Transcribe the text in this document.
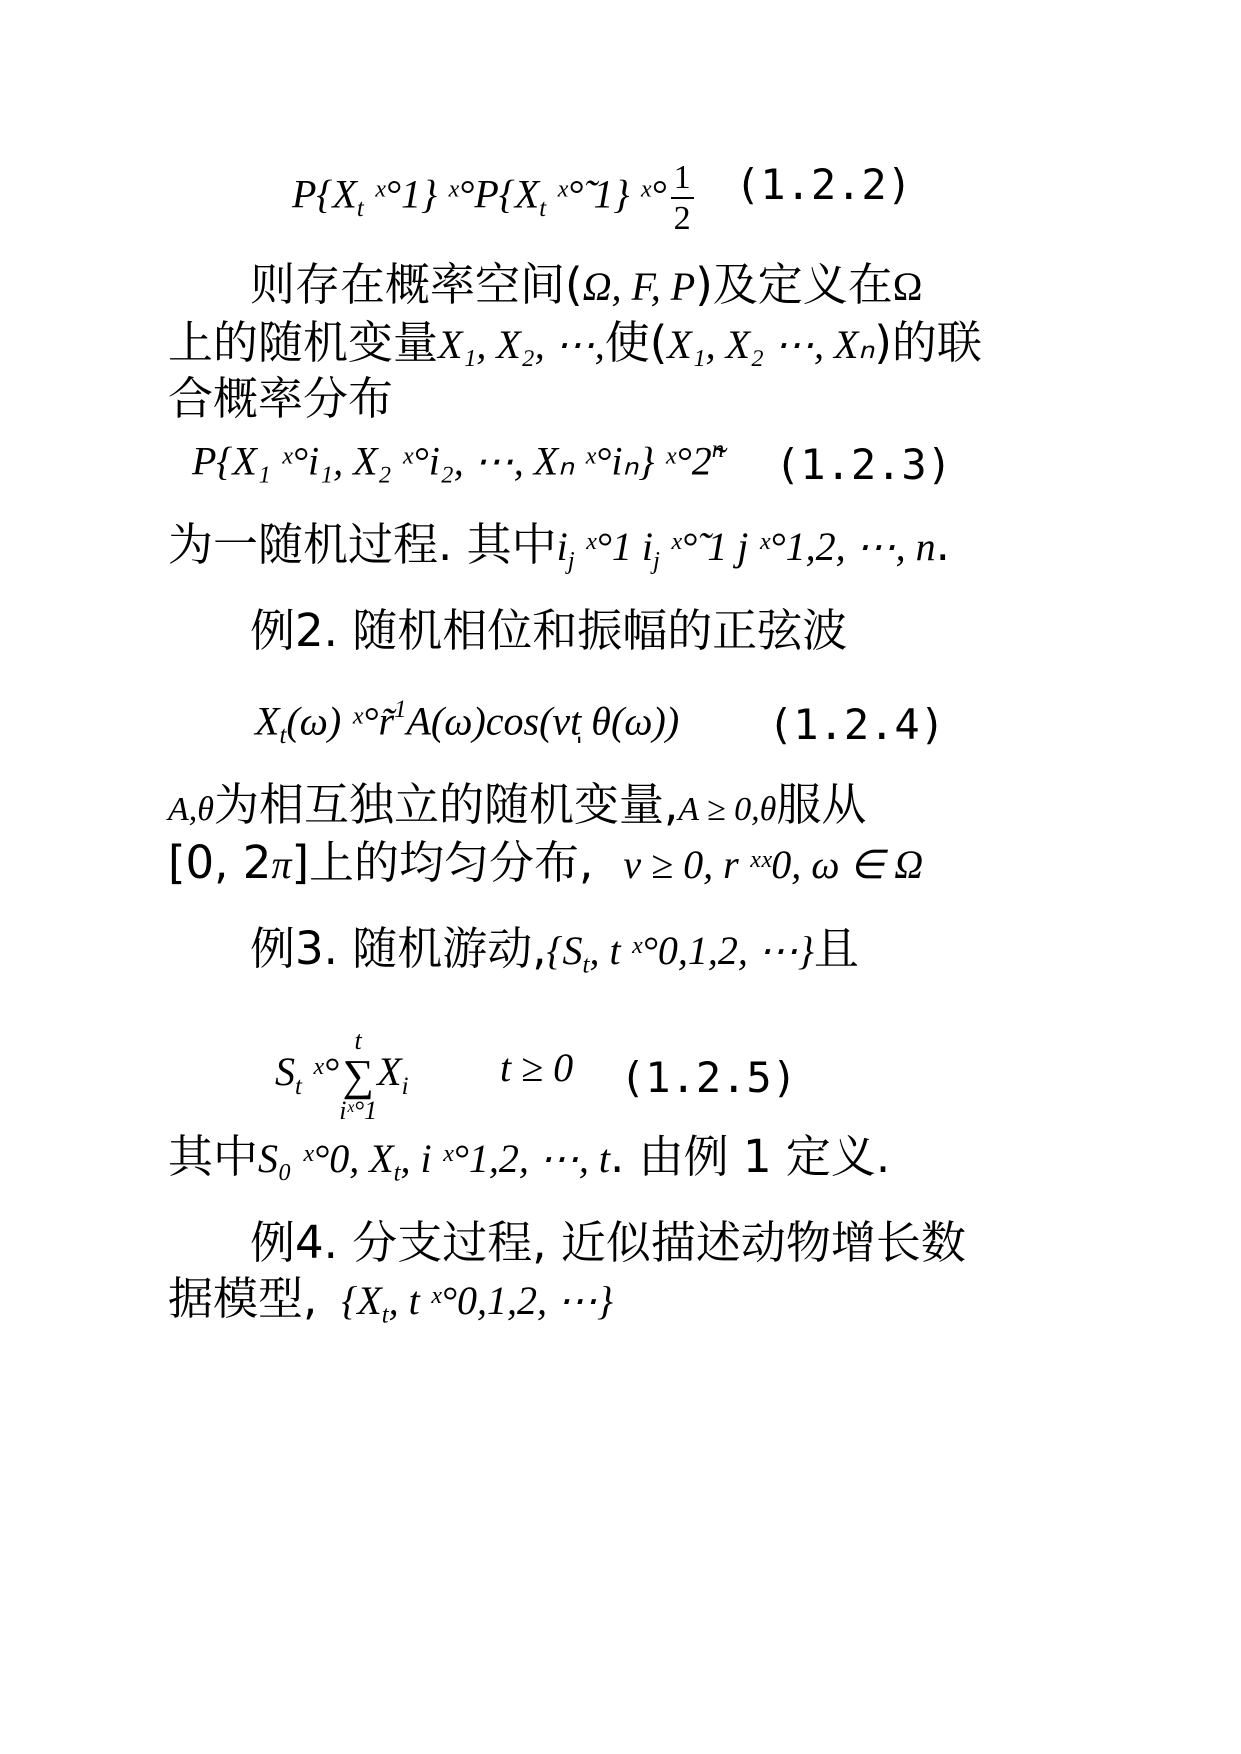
$P\{X_t$ ˣ°1} $ˣ^\circ P\{X_t$ ˣ°̃ 1} ˣ° $\frac{1}{2} (1.2.2)$
则存在概率空间(Ω, F, P)及定义在Ω
上的随机变量X₁, X₂, ⋯,使(X₁, X₂ ⋯, Xₙ)的联
合概率分布
P{X₁ ˣ°i₁, X₂ ˣ°i₂, ⋯, Xₙ ˣ°iₙ} ˣ°2̃$^n$ (1.2.3)
为一随机过程. 其中$i_j$ ˣ°1 $i_j$ ˣ°̃ 1 j ˣ°1,2, ⋯, n.
例2. 随机相位和振幅的正弦波
$X_t(\omega)$ ˣ°r̃$^1$A(ω)cos(vt̩ θ(ω)) (1.2.4)
A,θ为相互独立的随机变量,A ≥ 0,θ服从
[0, 2π]上的均匀分布, v ≥ 0, r ˣˣ0, ω ∈ Ω
例3. 随机游动$,\{S_t$, t ˣ°0,1,2, ⋯}且
$S_t$ ˣ°
t
∑
iˣ°1
$X_i$ t ≥ 0 (1.2.5)
其中S₀ ˣ°0, $X_t$, i ˣ°1,2, ⋯, t. 由例 1 定义.
例4. 分支过程, 近似描述动物增长数
据模型, {$X_t$, t ˣ°0,1,2, ⋯}
